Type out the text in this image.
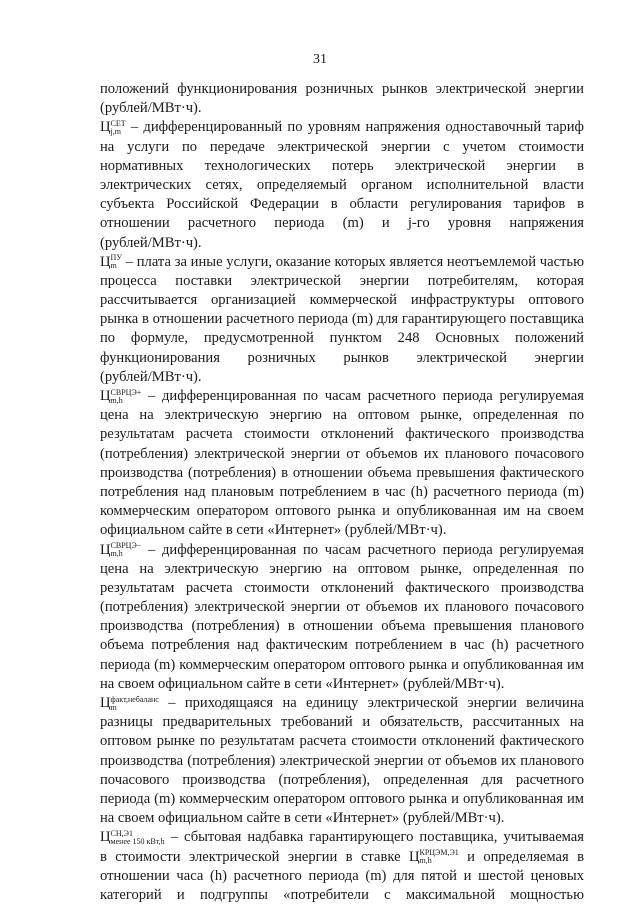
31
положений функционирования розничных рынков электрической энергии
(рублей/МВт·ч).
Ц СЕТ
j,m – дифференцированный по уровням напряжения одноставочный тариф
на услуги по передаче электрической энергии с учетом стоимости
нормативных технологических потерь электрической энергии в
электрических сетях, определяемый органом исполнительной власти
субъекта Российской Федерации в области регулирования тарифов в
отношении расчетного периода (m) и j-го уровня напряжения
(рублей/МВт·ч).
Ц ПУ
m – плата за иные услуги, оказание которых является неотъемлемой частью
процесса поставки электрической энергии потребителям, которая
рассчитывается организацией коммерческой инфраструктуры оптового
рынка в отношении расчетного периода (m) для гарантирующего поставщика
по формуле, предусмотренной пунктом 248 Основных положений
функционирования розничных рынков электрической энергии
(рублей/МВт·ч).
Ц СВРЦЭ+
m,h	– дифференцированная по часам расчетного периода регулируемая
цена на электрическую энергию на оптовом рынке, определенная по
результатам расчета стоимости отклонений фактического производства
(потребления) электрической энергии от объемов их планового почасового
производства (потребления) в отношении объема превышения фактического
потребления над плановым потреблением в час (h) расчетного периода (m)
коммерческим оператором оптового рынка и опубликованная им на своем
официальном сайте в сети «Интернет» (рублей/МВт·ч).
Ц СВРЦЭ−
m,h	– дифференцированная по часам расчетного периода регулируемая
цена на электрическую энергию на оптовом рынке, определенная по
результатам расчета стоимости отклонений фактического производства
(потребления) электрической энергии от объемов их планового почасового
производства (потребления) в отношении объема превышения планового
объема потребления над фактическим потреблением в час (h) расчетного
периода (m) коммерческим оператором оптового рынка и опубликованная им
на своем официальном сайте в сети «Интернет» (рублей/МВт·ч).
Ц факт,небаланс
m	– приходящаяся на единицу электрической энергии величина
разницы предварительных требований и обязательств, рассчитанных на
оптовом рынке по результатам расчета стоимости отклонений фактического
производства (потребления) электрической энергии от объемов их планового
почасового производства (потребления), определенная для расчетного
периода (m) коммерческим оператором оптового рынка и опубликованная им
на своем официальном сайте в сети «Интернет» (рублей/МВт·ч).
Ц СН,Э1
менее 150 кВт,h – сбытовая надбавка гарантирующего поставщика, учитываемая
в стоимости электрической энергии в ставке Ц КРЦЭМ,Э1
m,h	и определяемая в
отношении часа (h) расчетного периода (m) для пятой и шестой ценовых
категорий и подгруппы «потребители с максимальной мощностью
